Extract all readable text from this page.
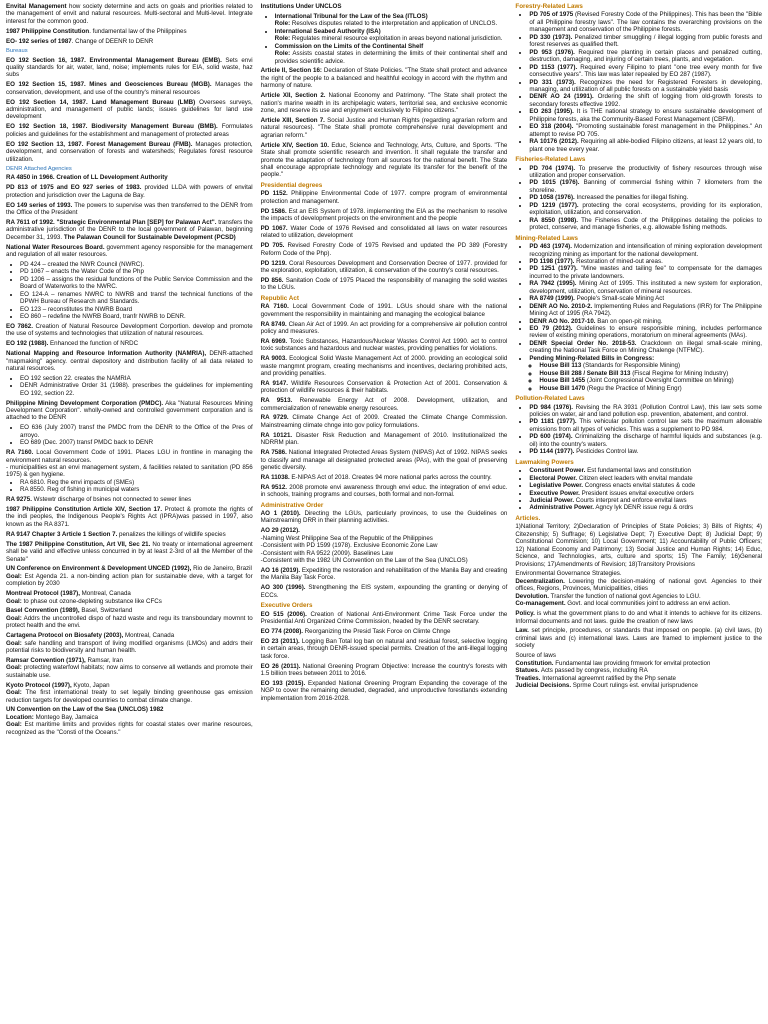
Envital Management how society determine and acts on goals and priorities related to the management of envit and natural resources. Multi-sectoral and Multi-level. Integrate interest for the common good.

1987 Philippine Constitution. fundamental law of the Philippines

EO- 192 series of 1987. Change of DEENR to DENR

Bureaus

EO 192 Section 16, 1987. Environmental Management Bureau (EMB). Sets envi quality standards for air, water, land, noise; implements rules for EIA, solid waste, haz subs

EO 192 Section 15, 1987. Mines and Geosciences Bureau (MGB). Manages the conservation, development, and use of the country's mineral resources

EO 192 Section 14, 1987. Land Management Bureau (LMB) Oversees surveys, administration, and management of public lands; issues guidelines for land use development

EO 192 Section 18, 1987. Biodiversity Management Bureau (BMB). Formulates policies and guidelines for the establishment and management of protected areas

EO 192 Section 13, 1987. Forest Management Bureau (FMB). Manages protection, development, and conservation of forests and watersheds; Regulates forest resource utilization.

DENR Attached Agencies

RA 4850 in 1966. Creation of LL Development Authority

PD 813 of 1975 and EO 927 series of 1983. provided LLDA with powers of envital protection and jurisdiction over the Laguna de Bay.

EO 149 series of 1993. The powers to supervise was then transferred to the DENR from the Office of the President

RA 7611 of 1992. "Strategic Environmental Plan [SEP] for Palawan Act". transfers the administrative jurisdiction of the DENR to the local government of Palawan, beginning December 31, 1993. The Palawan Council for Sustainable Development (PCSD)

National Water Resources Board. government agency responsible for the management and regulation of all water resources.

• PD 424 – created the NWR Council (NWRC).
• PD 1067 – enacts the Water Code of the Php
• PD 1206 – assigns the residual functions of the Public Service Commission and the Board of Waterworks to the NWRC.
• EO 124-A – renames NWRC to NWRB and transf the technical functions of the DPWH Bureau of Research and Standards.
• EO 123 – reconstitutes the NWRB Board
• EO 860 – redefine the NWRB Board, tranfr NWRB to DENR.

EO 7862. Creation of Natural Resource Development Corportion. develop and promote the use of systems and technologies that utilization of natural resources.

EO 192 (1988). Enhanced the function of NRDC

National Mapping and Resource Information Authority (NAMRIA), DENR-attached "mapmaking" agency. central depository and distribution facility of all data related to natural resources.

• EO 192 section 22. creates the NAMRIA
• DENR Administrative Order 31 (1988). prescribes the guidelines for implementing EO 192, section 22.

Philippine Mining Development Corporation (PMDC). Aka "Natural Resources Mining Development Corporation". wholly-owned and controlled government corporation and is attached to the DENR

• EO 636 (July 2007) transf the PMDC from the DENR to the Office of the Pres of arroyo.
• EO 689 (Dec. 2007) transf PMDC back to DENR

RA 7160. Local Government Code of 1991. Places LGU in frontline in managing the environment natural resources.

- municipalities est an envi management system, & facilities related to sanitation (PD 856 1975) & gen hygiene.

• RA 6810. Reg the envi impacts of (SMEs)
• RA 8550. Reg of fishing in municipal waters

RA 9275. Wstewtr discharge of bsines not connected to sewer lines

1987 Philippine Constitution Article XIV, Section 17. Protect & promote the rights of the indi peoples, the Indigenous People's Rights Act (IPRA)was passed in 1997, also known as the RA 8371.

RA 9147 Chapter 3 Article 1 Section 7. penalizes the killings of wildlife species

The 1987 Philippine Constitution, Art VII, Sec 21. No treaty or international agreement shall be valid and effective unless concurred in by at least 2-3rd of all the Member of the Senate"

UN Conference on Environment & Development UNCED (1992), Rio de Janeiro, Brazil
Goal: Est Agenda 21. a non-binding action plan for sustainable deve, with a target for completion by 2030

Montreal Protocol (1987), Montreal, Canada
Goal: to phase out ozone-depleting substance like CFCs

Basel Convention (1989), Basel, Switzerland
Goal: Addrs the uncontrolled dispo of hazd waste and regu its transboundary movmnt to protect health and the envi.

Cartagena Protocol on Biosafety (2003), Montreal, Canada
Goal: safe handling and transport of living modified organisms (LMOs) and addrs their potential risks to biodiversity and human health.

Ramsar Convention (1971), Ramsar, Iran
Goal: protecting waterfowl habitats; now aims to conserve all wetlands and promote their sustainable use.

Kyoto Protocol (1997), Kyoto, Japan
Goal: The first international treaty to set legally binding greenhouse gas emission reduction targets for developed countries to combat climate change.

UN Convention on the Law of the Sea (UNCLOS) 1982
Location: Montego Bay, Jamaica
Goal: Est maritime limits and provides rights for coastal states over marine resources, recognized as the "Consti of the Oceans."

Institutions Under UNCLOS

• International Tribunal for the Law of the Sea (ITLOS)
Role: Resolves disputes related to the interpretation and application of UNCLOS.
• International Seabed Authority (ISA)
Role: Regulates mineral resource exploitation in areas beyond national jurisdiction.
• Commission on the Limits of the Continental Shelf
Role: Assists coastal states in determining the limits of their continental shelf and provides scientific advice.

Article II, Section 16: Declaration of State Policies. "The State shall protect and advance the right of the people to a balanced and healthful ecology in accord with the rhythm and harmony of nature.

Article XII, Section 2. National Economy and Patrimony. "The State shall protect the nation's marine wealth in its archipelagic waters, territorial sea, and exclusive economic zone, and reserve its use and enjoyment exclusively to Filipino citizens."

Article XIII, Section 7. Social Justice and Human Rights (regarding agrarian reform and natural resources). "The State shall promote comprehensive rural development and agrarian reform."

Article XIV, Section 10. Educ, Science and Technology, Arts, Culture, and Sports. "The State shall promote scientific research and invention. It shall regulate the transfer and promote the adaptation of technology from all sources for the national benefit. The State shall encourage appropriate technology and regulate its transfer for the benefit of the people."

Presidential degrees

PD 1152. Philippine Environmental Code of 1977. compre program of environmental protection and management.

PD 1586. Est an EIS System of 1978. implementing the EIA as the mechanism to resolve the impacts of development projects on the environment and the people

PD 1067. Water Code of 1976 Revised and consolidated all laws on water resources related to utilization, development

PD 705. Revised Forestry Code of 1975 Revised and updated the PD 389 (Forestry Reform Code of the Php).

PD 1219. Coral Resources Development and Conservation Decree of 1977. provided for the exploration, exploitation, utilization, & conservation of the country's coral resources.

PD 856. Sanitation Code of 1975 Placed the responsibility of managing the solid wastes to the LGUs.

Republic Act

RA 7160. Local Government Code of 1991. LGUs should share with the national government the responsibility in maintaining and managing the ecological balance

RA 8749. Clean Air Act of 1999. An act providing for a comprehensive air pollution control policy and measures.

RA 6969. Toxic Substances, Hazardous/Nuclear Wastes Control Act 1990. act to control toxic substances and hazardous and nuclear wastes, providing penalties for violations.

RA 9003. Ecological Solid Waste Management Act of 2000. providing an ecological solid waste mangmnt program, creating mechanisms and incentives, declaring prohibited acts, and providing penalties.

RA 9147. Wildlife Resources Conservation & Protection Act of 2001. Conservation & protection of wildlife resources & their habitats.

RA 9513. Renewable Energy Act of 2008. Development, utilization, and commercialization of renewable energy resources.

RA 9729. Climate Change Act of 2009. Created the Climate Change Commission. Mainstreaming climate chnge into gov policy formulations.

RA 10121. Disaster Risk Reduction and Management of 2010. Institutionalized the NDRRM plan.

RA 7586. National Integrated Protected Areas System (NIPAS) Act of 1992. NIPAS seeks to classify and manage all designated protected areas (PAs), with the goal of preserving genetic diversity.

RA 11038. E-NIPAS Act of 2018. Creates 94 more national parks across the country.

RA 9512. 2008 promote envi awareness through envi educ. the integration of envi educ. in schools, training programs and courses, both formal and non-formal.

Administrative Order

AO 1 (2010). Directing the LGUs, particularly provinces, to use the Guidelines on Mainstreaming DRR in their planning activities.

AO 29 (2012).
-Naming West Philippine Sea of the Republic of the Philippines
-Consistent with PD 1599 (1978). Exclusive Economic Zone Law
-Consistent with RA 9522 (2009). Baselines Law
-Consistent with the 1982 UN Convention on the Law of the Sea (UNCLOS)

AO 16 (2019). Expediting the restoration and rehabilitation of the Manila Bay and creating the Manila Bay Task Force.

AO 300 (1996). Strengthening the EIS system, expounding the granting or denying of ECCs.

Executive Orders

EO 515 (2006). Creation of National Anti-Environment Crime Task Force under the Presidential Anti Organized Crime Commission, headed by the DENR secretary.

EO 774 (2008). Reorganizing the Presid Task Force on Climte Chnge

EO 23 (2011). Logging Ban Total log ban on natural and residual forest, selective logging in certain areas, through DENR-issued special permits. Creation of the anti-illegal logging task force.

EO 26 (2011). National Greening Program Objective: Increase the country's forests with 1.5 billion trees between 2011 to 2016.

EO 193 (2015). Expanded National Greening Program Expanding the coverage of the NGP to cover the remaining denuded, degraded, and unproductive forestlands extending implementation from 2016-2028.

Forestry-Related Laws
• PD 705 of 1975 (Revised Forestry Code of the Philippines). This has been the "Bible of all Philippine forestry laws". The law contains the overarching provisions on the management and conservation of the Philippine forests.
• PD 330 (1973). Penalized timber smuggling / illegal logging from public forests and forest reserves as qualified theft.
• PD 953 (1976). Required tree planting in certain places and penalized cutting, destruction, damaging, and injuring of certain trees, plants, and vegetation.
• PD 1153 (1977). Required every Filipino to plant "one tree every month for five consecutive years". This law was later repealed by EO 287 (1987).
• PD 331 (1973). Recognizes the need for Registered Foresters in developing, managing, and utilization of all public forests on a sustainable yield basis
• DENR AO 24 (1991). Ordering the shift of logging from old-growth forests to secondary forests effective 1992.
• EO 263 (1995). It is THE national strategy to ensure sustainable development of Philippine forests, aka the Community-Based Forest Management (CBFM).
• EO 318 (2004). "Promoting sustainable forest management in the Philippines." An attempt to revise PD 705.
• RA 10176 (2012). Requiring all able-bodied Filipino citizens, at least 12 years old, to plant one tree every year.
Fisheries-Related Laws
• PD 704 (1974). To preserve the productivity of fishery resources through wise utilization and proper conservation.
• PD 1015 (1976). Banning of commercial fishing within 7 kilometers from the shoreline.
• PD 1058 (1976). Increased the penalties for illegal fishing.
• PD 1219 (1977). protecting the coral ecosystems, providing for its exploration, exploitation, utilization, and conservation.
• RA 8550 (1998). The Fisheries Code of the Philippines detailing the policies to protect, conserve, and manage fisheries, e.g. allowable fishing methods.
Mining-Related Laws
• PD 463 (1974). Modernization and intensification of mining exploration development recognizing mining as important for the national development.
• PD 1198 (1977). Restoration of mined-out areas.
• PD 1251 (1977). "Mine wastes and tailing fee" to compensate for the damages incurred to the private landowners.
• RA 7942 (1995). Mining Act of 1995. This instituted a new system for exploration, development, utilization, conservation of mineral resources.
• RA 8749 (1999). People's Small-scale Mining Act
• DENR AO No. 2010-2. Implementing Rules and Regulations (IRR) for The Philippine Mining Act of 1995 (RA 7942).
• DENR AO No. 2017-10. Ban on open-pit mining.
• EO 79 (2012). Guidelines to ensure responsible mining, includes performance review of existing mining operations, moratorium on mineral agreements (MAs).
• DENR Special Order No. 2018-53. Crackdown on illegal small-scale mining, creating the National Task Force on Mining Chalenge (NTFMC).
• Pending Mining-Related Bills in Congress:
◦ House Bill 113 (Standards for Responsible Mining)
◦ House Bill 288 / Senate Bill 313 (Fiscal Regime for Mining Industry)
◦ House Bill 1455 (Joint Congressional Oversight Committee on Mining)
◦ House Bill 1470 (Regu the Practice of Mining Engr)
Pollution-Related Laws
• PD 984 (1976). Revising the RA 3931 (Pollution Control Law), this law sets some policies on water, air and land pollution esp. prevention, abatement, and control.
• PD 1181 (1977). This vehicular pollution control law sets the maximum allowable emissions from all types of vehicles. This was a supplement to PD 984.
• PD 600 (1974). Criminalizing the discharge of harmful liquids and substances (e.g. oil) into the country's waters.
• PD 1144 (1977). Pesticides Control law.
Lawmaking Powers
• Constituent Power. Est fundamental laws and constitution
• Electoral Power. Citizen elect leaders with envital mandate
• Legislative Power. Congress enacts envital statutes & code
• Executive Power. President issues envital executive orders
• Judicial Power. Courts interpret and enforce envital laws
• Administrative Power. Agncy lyk DENR issue regu & ordrs
Articles.

1)National Territory; 2)Declaration of Principles of State Policies; 3) Bills of Rights; 4) Citezenship; 5) Suffrage; 6) Legislative Dept; 7) Executive Dept; 8) Judicial Dept; 9) Constitutional Commision; 10) Local Government; 11) Accountability of Public Officers; 12) National Economy and Patrimony; 13) Social Justice and Human Rights; 14) Educ, Science, and Technologies, arts, culture and sports; 15) The Family; 16)General Provisions; 17)Amendments of Revision; 18)Transitory Provisions

Environmental Governance Strategies.
Decentralization. Lowering the decision-making of national govt. Agencies to their offices, Regions, Provinces, Municipalities, cities
Devolution. Transfer the function of national govt Agencies to LGU.
Co-management. Govt. and local communities joint to address an envi action.

Policy. is what the government plans to do and what it intends to achieve for its citizens. Informal documents and not laws. guide the creation of new laws

Law. set principle, procedures, or standards that imposed on people. (a) civil laws, (b) criminal laws and (c) international laws. Laws are framed to implement justice to the society

Source of laws
Constitution. Fundamental law providing frmwork for envital protection
Statues. Acts passed by congress, including RA
Treaties. International agreemnt ratified by the Php senate
Judicial Decisions. Sprme Court rulings est. envital jurisprudence
